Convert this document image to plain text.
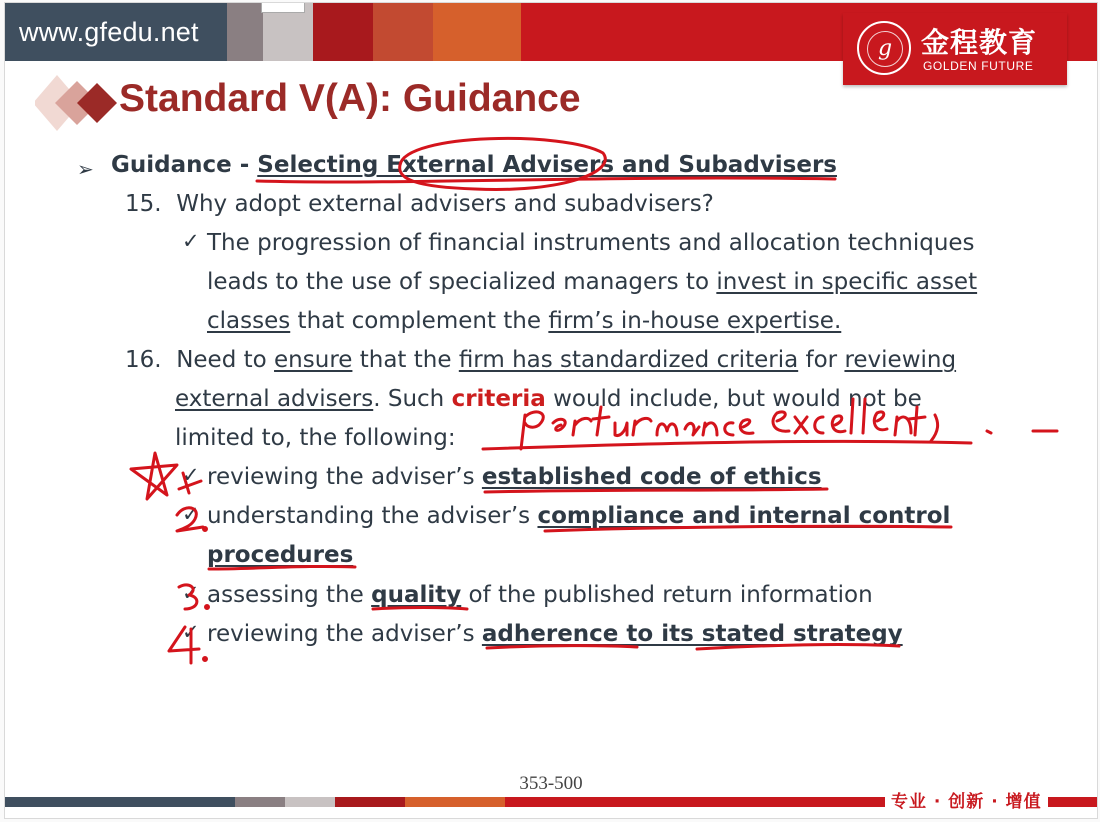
www.gfedu.net
g	金程教育
GOLDEN FUTURE
Standard V(A): Guidance
➢ Guidance - Selecting External Advisers and Subadvisers

15. Why adopt external advisers and subadvisers?

✓ The progression of financial instruments and allocation techniques

leads to the use of specialized managers to invest in specific asset

classes that complement the firm’s in-house expertise.

16. Need to ensure that the firm has standardized criteria for reviewing

external advisers. Such criteria would include, but would not be

limited to, the following:

✓ reviewing the adviser’s established code of ethics

✓ understanding the adviser’s compliance and internal control

procedures

✓ assessing the quality of the published return information

✓ reviewing the adviser’s adherence to its stated strategy

353-500
专业 · 创新 · 增值
